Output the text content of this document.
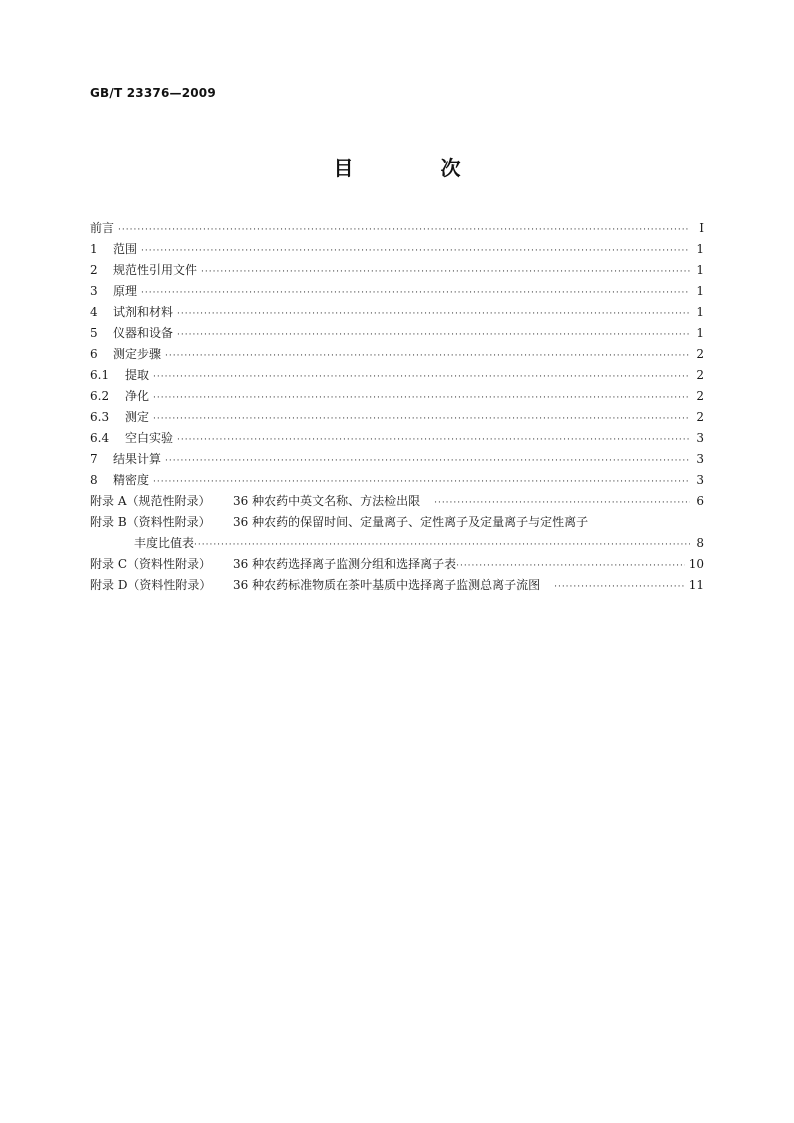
GB/T 23376—2009
目 次
前言 ·····	Ⅰ
1 范围 ·····	1
2 规范性引用文件 ·····	1
3 原理 ·····	1
4 试剂和材料 ·····	1
5 仪器和设备 ·····	1
6 测定步骤 ·····	2
6.1 提取 ·····	2
6.2 净化 ·····	2
6.3 测定 ·····	2
6.4 空白实验 ·····	3
7 结果计算 ·····	3
8 精密度 ·····	3
附录 A（规范性附录） 36 种农药中英文名称、方法检出限 ·····	6
附录 B（资料性附录） 36 种农药的保留时间、定量离子、定性离子及定量离子与定性离子
丰度比值表 ·····	8
附录 C（资料性附录） 36 种农药选择离子监测分组和选择离子表 ·····	10
附录 D（资料性附录） 36 种农药标准物质在茶叶基质中选择离子监测总离子流图 ·····	11
